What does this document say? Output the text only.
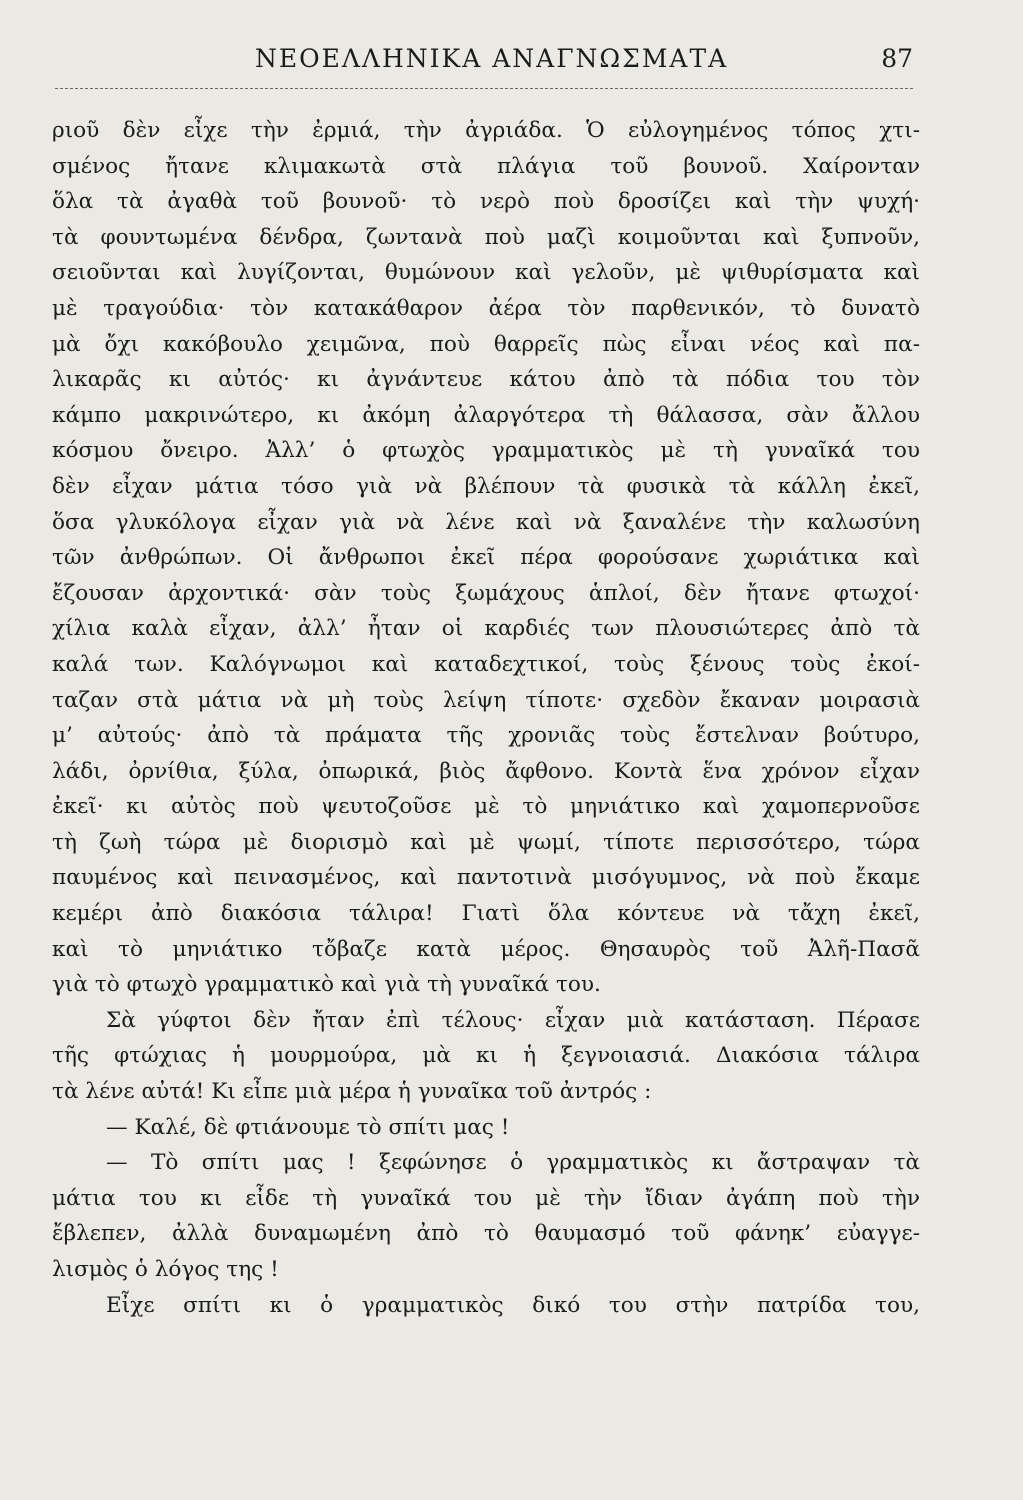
ΝΕΟΕΛΛΗΝΙΚΑ ΑΝΑΓΝΩΣΜΑΤΑ	87
ριοῦ δὲν εἶχε τὴν ἐρμιά, τὴν ἀγριάδα. Ὁ εὐλογημένος τόπος χτι-
σμένος ἤτανε κλιμακωτὰ στὰ πλάγια τοῦ βουνοῦ. Χαίρονταν
ὅλα τὰ ἀγαθὰ τοῦ βουνοῦ· τὸ νερὸ ποὺ δροσίζει καὶ τὴν ψυχή·
τὰ φουντωμένα δένδρα, ζωντανὰ ποὺ μαζὶ κοιμοῦνται καὶ ξυπνοῦν,
σειοῦνται καὶ λυγίζονται, θυμώνουν καὶ γελοῦν, μὲ ψιθυρίσματα καὶ
μὲ τραγούδια· τὸν κατακάθαρον ἀέρα τὸν παρθενικόν, τὸ δυνατὸ
μὰ ὄχι κακόβουλο χειμῶνα, ποὺ θαρρεῖς πὼς εἶναι νέος καὶ πα-
λικαρᾶς κι αὐτός· κι ἀγνάντευε κάτου ἀπὸ τὰ πόδια του τὸν
κάμπο μακρινώτερο, κι ἀκόμη ἀλαργότερα τὴ θάλασσα, σὰν ἄλλου
κόσμου ὄνειρο. Ἀλλ’ ὁ φτωχὸς γραμματικὸς μὲ τὴ γυναῖκά του
δὲν εἶχαν μάτια τόσο γιὰ νὰ βλέπουν τὰ φυσικὰ τὰ κάλλη ἐκεῖ,
ὅσα γλυκόλογα εἶχαν γιὰ νὰ λένε καὶ νὰ ξαναλένε τὴν καλωσύνη
τῶν ἀνθρώπων. Οἱ ἄνθρωποι ἐκεῖ πέρα φορούσανε χωριάτικα καὶ
ἔζουσαν ἀρχοντικά· σὰν τοὺς ξωμάχους ἁπλοί, δὲν ἤτανε φτωχοί·
χίλια καλὰ εἶχαν, ἀλλ’ ἦταν οἱ καρδιές των πλουσιώτερες ἀπὸ τὰ
καλά των. Καλόγνωμοι καὶ καταδεχτικοί, τοὺς ξένους τοὺς ἐκοί-
ταζαν στὰ μάτια νὰ μὴ τοὺς λείψη τίποτε· σχεδὸν ἔκαναν μοιρασιὰ
μ’ αὐτούς· ἀπὸ τὰ πράματα τῆς χρονιᾶς τοὺς ἔστελναν βούτυρο,
λάδι, ὀρνίθια, ξύλα, ὀπωρικά, βιὸς ἄφθονο. Κοντὰ ἕνα χρόνον εἶχαν
ἐκεῖ· κι αὐτὸς ποὺ ψευτοζοῦσε μὲ τὸ μηνιάτικο καὶ χαμοπερνοῦσε
τὴ ζωὴ τώρα μὲ διορισμὸ καὶ μὲ ψωμί, τίποτε περισσότερο, τώρα
παυμένος καὶ πεινασμένος, καὶ παντοτινὰ μισόγυμνος, νὰ ποὺ ἔκαμε
κεμέρι ἀπὸ διακόσια τάλιρα! Γιατὶ ὅλα κόντευε νὰ τἄχη ἐκεῖ,
καὶ τὸ μηνιάτικο τὄβαζε κατὰ μέρος. Θησαυρὸς τοῦ Ἀλῆ-Πασᾶ
γιὰ τὸ φτωχὸ γραμματικὸ καὶ γιὰ τὴ γυναῖκά του.
Σὰ γύφτοι δὲν ἤταν ἐπὶ τέλους· εἶχαν μιὰ κατάσταση. Πέρασε
τῆς φτώχιας ἡ μουρμούρα, μὰ κι ἡ ξεγνοιασιά. Διακόσια τάλιρα
τὰ λένε αὐτά! Κι εἶπε μιὰ μέρα ἡ γυναῖκα τοῦ ἀντρός :
— Καλέ, δὲ φτιάνουμε τὸ σπίτι μας !
— Τὸ σπίτι μας ! ξεφώνησε ὁ γραμματικὸς κι ἄστραψαν τὰ
μάτια του κι εἶδε τὴ γυναῖκά του μὲ τὴν ἴδιαν ἀγάπη ποὺ τὴν
ἔβλεπεν, ἀλλὰ δυναμωμένη ἀπὸ τὸ θαυμασμό τοῦ φάνηκ’ εὐαγγε-
λισμὸς ὁ λόγος της !
Εἶχε σπίτι κι ὁ γραμματικὸς δικό του στὴν πατρίδα του,
